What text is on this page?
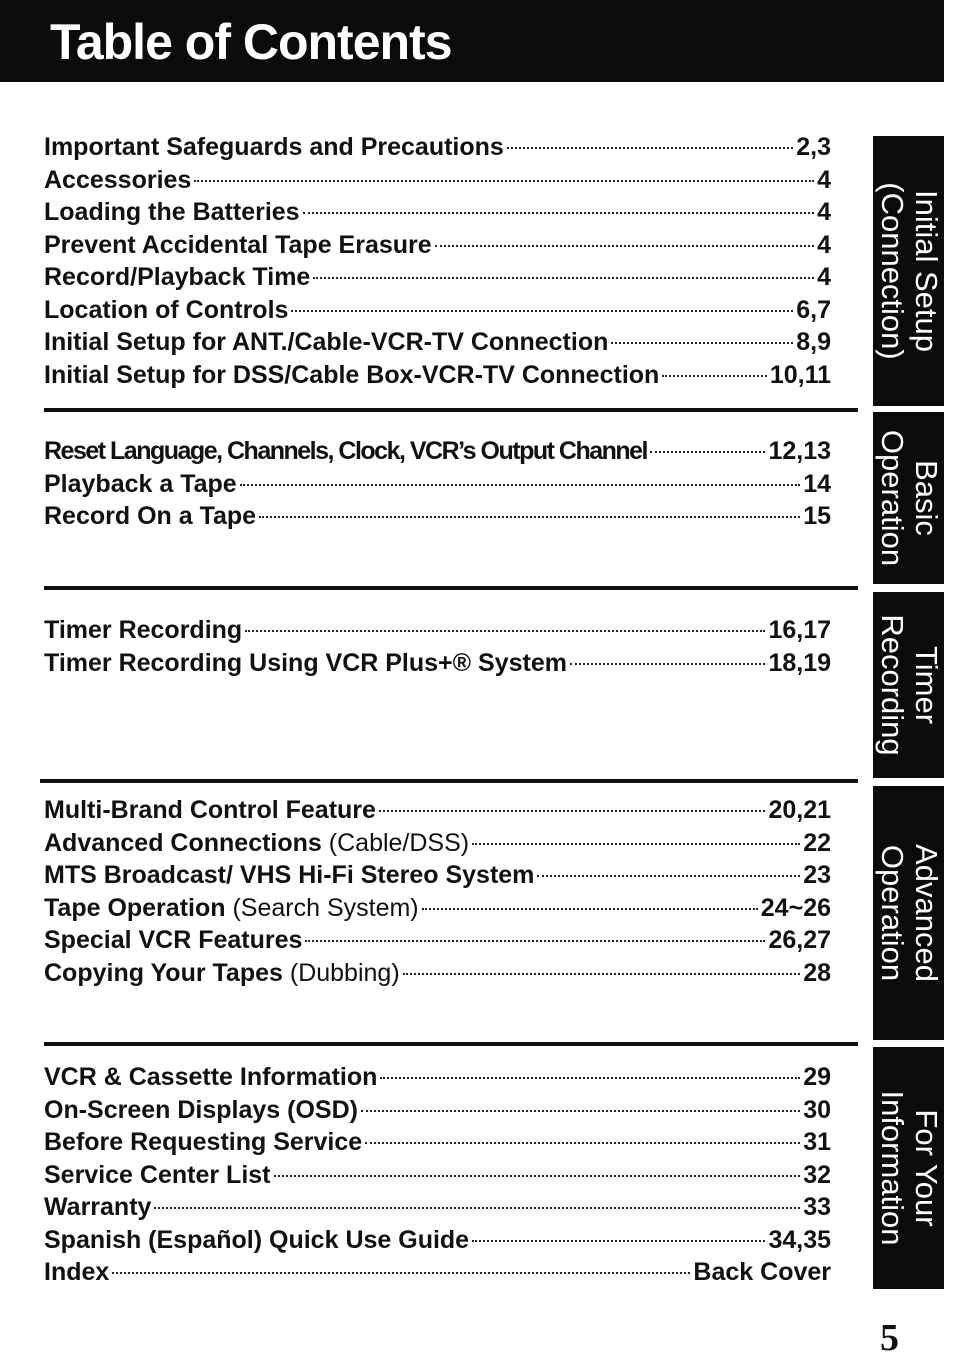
Table of Contents
Important Safeguards and Precautions	2,3
Accessories	4
Loading the Batteries	4
Prevent Accidental Tape Erasure	4
Record/Playback Time	4
Location of Controls	6,7
Initial Setup for ANT./Cable-VCR-TV Connection	8,9
Initial Setup for DSS/Cable Box-VCR-TV Connection	10,11
Reset Language, Channels, Clock, VCR’s Output Channel	12,13
Playback a Tape	14
Record On a Tape	15
Timer Recording	16,17
Timer Recording Using VCR Plus+® System	18,19
Multi-Brand Control Feature	20,21
Advanced Connections (Cable/DSS)	22
MTS Broadcast/ VHS Hi-Fi Stereo System	23
Tape Operation (Search System)	24~26
Special VCR Features	26,27
Copying Your Tapes (Dubbing)	28
VCR & Cassette Information	29
On-Screen Displays (OSD)	30
Before Requesting Service	31
Service Center List	32
Warranty	33
Spanish (Español) Quick Use Guide	34,35
Index	Back Cover
Initial Setup
(Connection)
Basic
Operation
Timer
Recording
Advanced
Operation
For Your
Information
5
